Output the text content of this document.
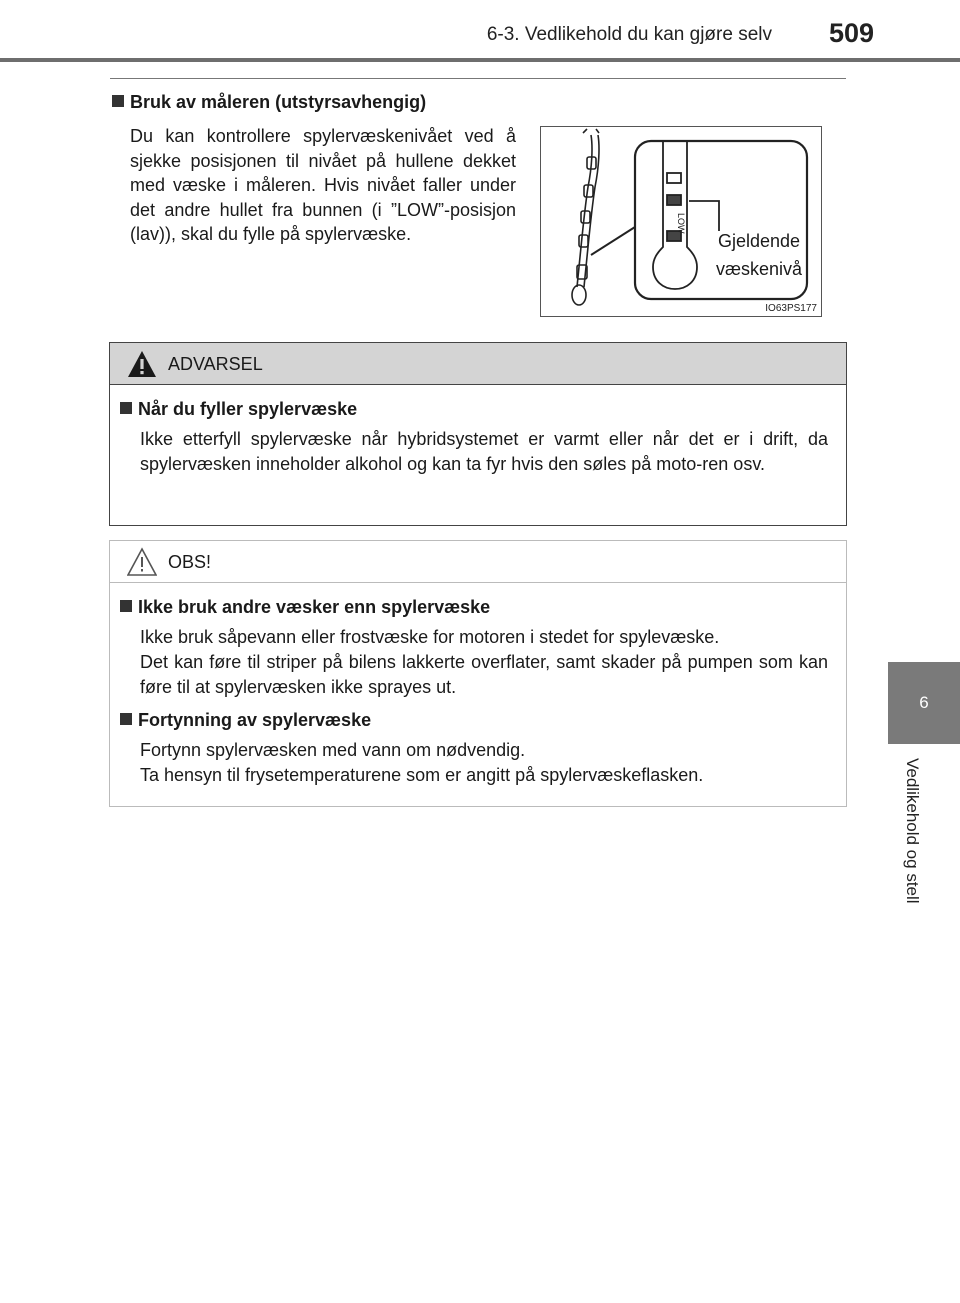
6-3. Vedlikehold du kan gjøre selv 509
6
Vedlikehold og stell
Bruk av måleren (utstyrsavhengig)
Du kan kontrollere spylervæskenivået ved å sjekke posisjonen til nivået på hullene dekket med væske i måleren. Hvis nivået faller under det andre hullet fra bunnen (i ”LOW”-posisjon (lav)), skal du fylle på spylervæske.
LOW
Gjeldende
væskenivå
IO63PS177
ADVARSEL
Når du fyller spylervæske

Ikke etterfyll spylervæske når hybridsystemet er varmt eller når det er i drift, da spylervæsken inneholder alkohol og kan ta fyr hvis den søles på moto-ren osv.

OBS!
Ikke bruk andre væsker enn spylervæske

Ikke bruk såpevann eller frostvæske for motoren i stedet for spylevæske.

Det kan føre til striper på bilens lakkerte overflater, samt skader på pumpen som kan føre til at spylervæsken ikke sprayes ut.

Fortynning av spylervæske

Fortynn spylervæsken med vann om nødvendig.

Ta hensyn til frysetemperaturene som er angitt på spylervæskeflasken.
